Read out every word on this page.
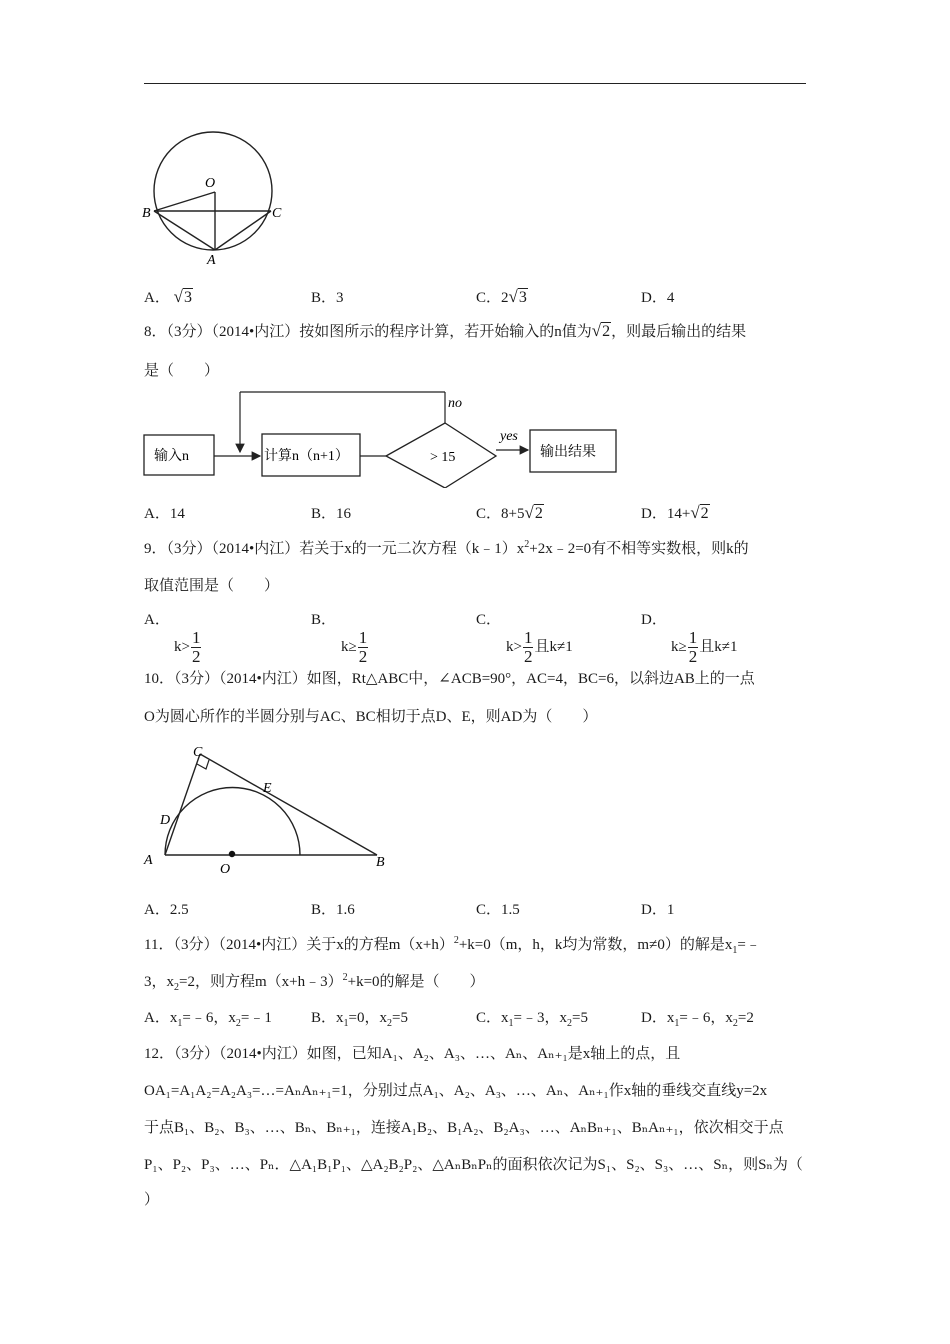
O
B	C
A
A． √3	B．3	C．2√3	D．4
8．（3分）（2014•内江）按如图所示的程序计算，若开始输入的n值为√2，则最后输出的结果
是（　　）
输入n	计算n（n+1）	> 15
no
yes
输出结果
A．14	B．16	C．8+5√2	D．14+√2
9．（3分）（2014•内江）若关于x的一元二次方程$(k﹣1)x^2+2x﹣2=0$有不相等实数根，则k的
取值范围是（　　）
A．
$k> \frac{1}{2}$
B．
$k\ge \frac{1}{2}$
C．
$k> \frac{1}{2}$ 且k≠1
D．
$k\ge \frac{1}{2}$ 且k≠1
10．（3分）（2014•内江）如图，Rt△ABC中，∠ACB=90°，AC=4，BC=6，以斜边AB上的一点
O为圆心所作的半圆分别与AC、BC相切于点D、E，则AD为（　　）
C
E
D
A
O	B
A．2.5	B．1.6	C．1.5	D．1
11．（3分）（2014•内江）关于x的方程$m(x+h)^2+k=0(m$，h，k均为常数，m≠0）的解是$x_1=﹣$
3，$x_2=2$，则方程m（x+h﹣3）$^2$+k=0的解是（　　）
A．$x_1=﹣6$，$x_2=﹣1$	B．$x_1=0$，$x_2=5$	C．$x_1=﹣3$，$x_2=5$	D．$x_1=﹣6$，$x_2=2$
12．（3分）（2014•内江）如图，已知A₁、A₂、A₃、…、Aₙ、Aₙ₊₁是x轴上的点，且
OA₁=A₁A₂=A₂A₃=…=AₙAₙ₊₁=1，分别过点A₁、A₂、A₃、…、Aₙ、Aₙ₊₁作x轴的垂线交直线y=2x
于点B₁、B₂、B₃、…、Bₙ、Bₙ₊₁，连接A₁B₂、B₁A₂、B₂A₃、…、AₙBₙ₊₁、BₙAₙ₊₁，依次相交于点
P₁、P₂、P₃、…、Pₙ．△A₁B₁P₁、△A₂B₂P₂、△AₙBₙPₙ的面积依次记为S₁、S₂、S₃、…、Sₙ，则Sₙ为（
）
